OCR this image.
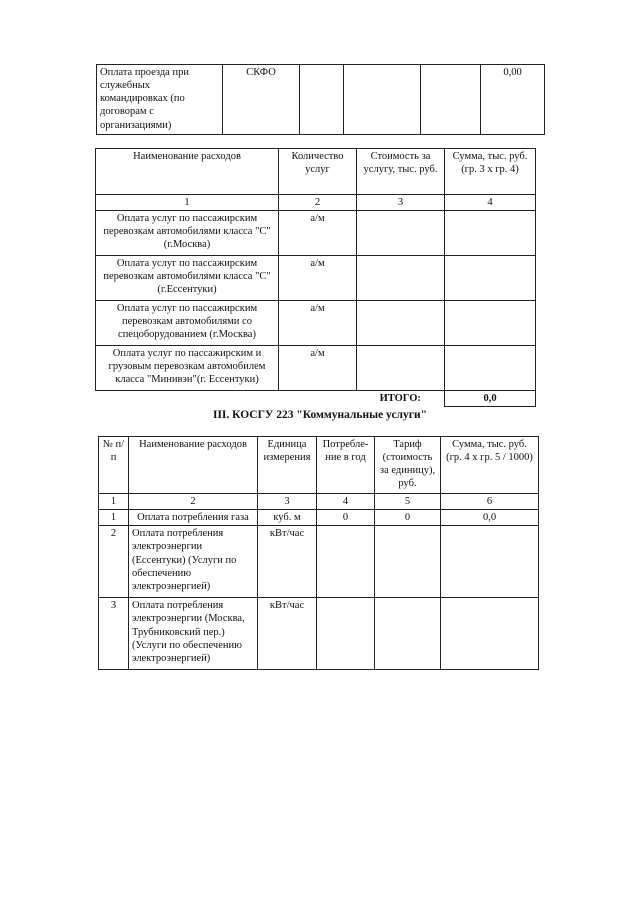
Оплата проезда при служебных командировках (по договорам с организациями)	СКФО				0,00
Наименование расходов	Количество услуг	Стоимость за услугу, тыс. руб.	Сумма, тыс. руб. (гр. 3 х гр. 4)
1	2	3	4
Оплата услуг по пассажирским перевозкам автомобилями класса "С" (г.Москва)	а/м		
Оплата услуг по пассажирским перевозкам автомобилями класса "С" (г.Ессентуки)	а/м		
Оплата услуг по пассажирским перевозкам автомобилями со спецоборудованием (г.Москва)	а/м		
Оплата услуг по пассажирским и грузовым перевозкам автомобилем класса "Минивэн"(г. Ессентуки)	а/м		
		ИТОГО:	0,0
III. КОСГУ 223 "Коммунальные услуги"
№ п/п	Наименование расходов	Единица измерения	Потребле-ние в год	Тариф (стоимость за единицу), руб.	Сумма, тыс. руб. (гр. 4 х гр. 5 / 1000)
1	2	3	4	5	6
1	Оплата потребления газа	куб. м	0	0	0,0
2	Оплата потребления электроэнергии (Ессентуки) (Услуги по обеспечению электроэнергией)	кВт/час			
3	Оплата потребления электроэнергии (Москва, Трубниковский пер.) (Услуги по обеспечению электроэнергией)	кВт/час			
